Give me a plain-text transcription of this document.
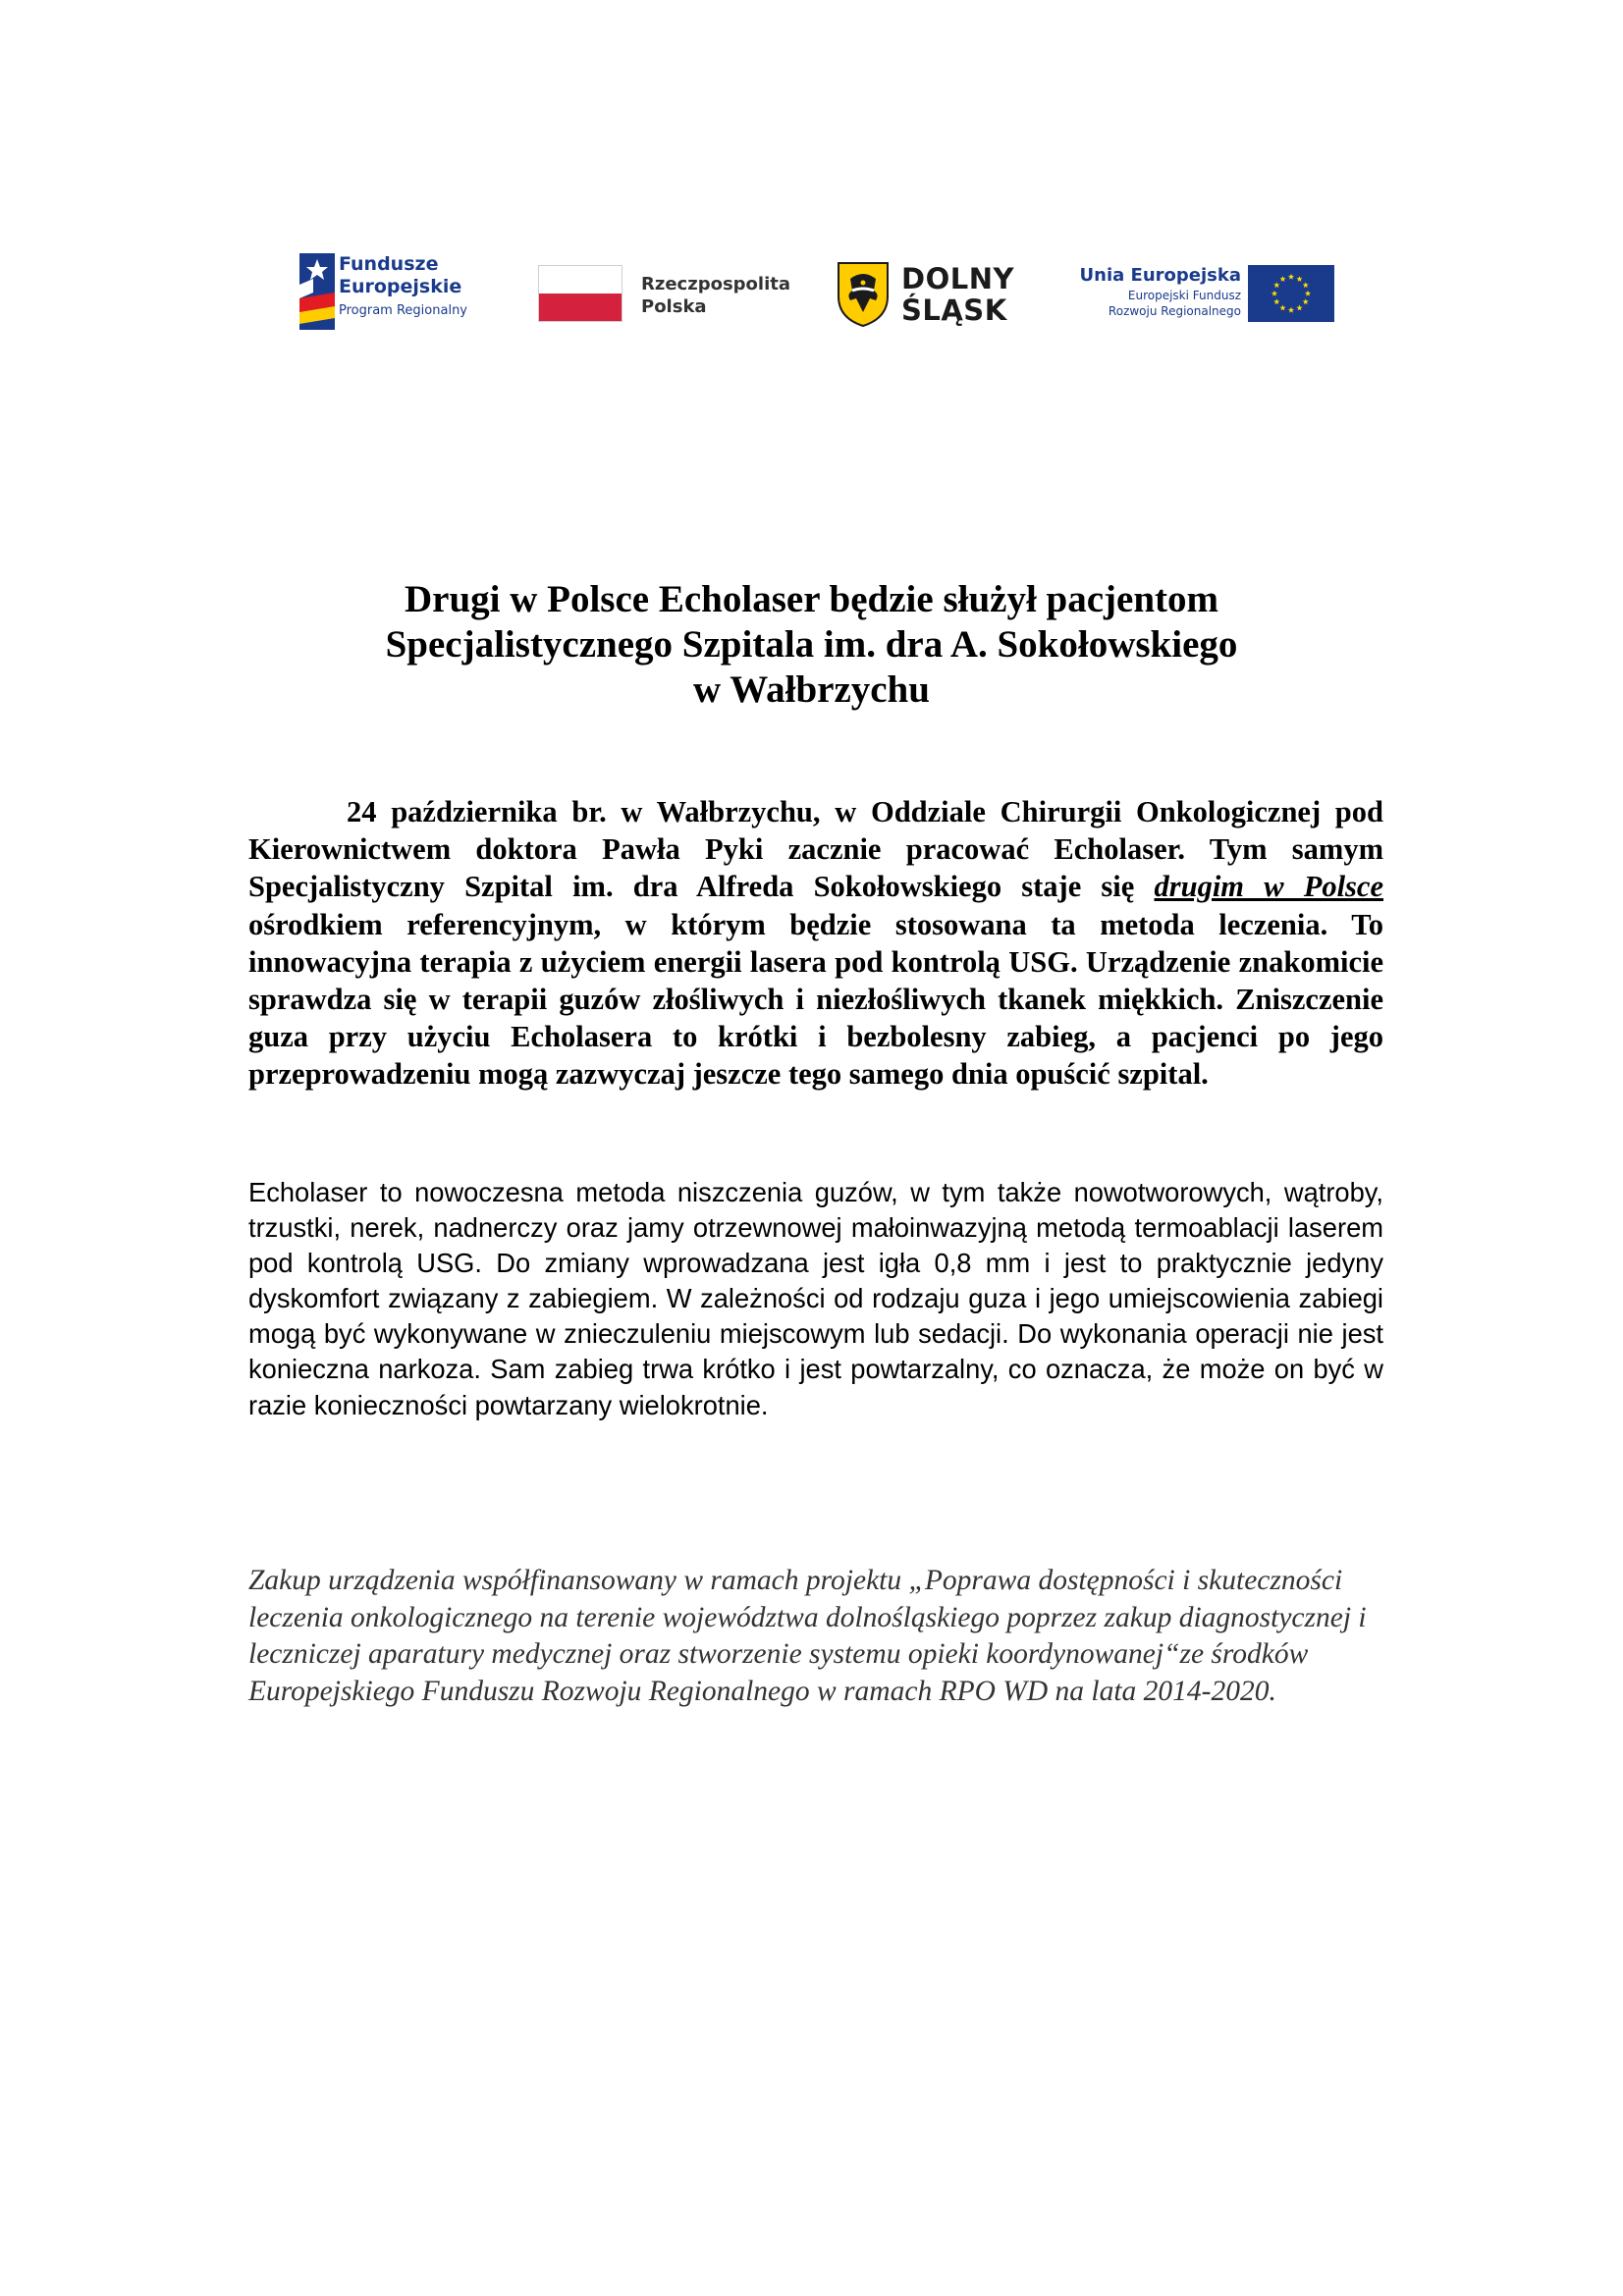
Fundusze
Europejskie
Program Regionalny
Rzeczpospolita
Polska
DOLNY
ŚLĄSK
Unia Europejska
Europejski Fundusz
Rozwoju Regionalnego
Drugi w Polsce Echolaser będzie służył pacjentom
Specjalistycznego Szpitala im. dra A. Sokołowskiego
w Wałbrzychu

24 października br. w Wałbrzychu, w Oddziale Chirurgii Onkologicznej pod Kierownictwem doktora Pawła Pyki zacznie pracować Echolaser. Tym samym Specjalistyczny Szpital im. dra Alfreda Sokołowskiego staje się drugim w Polsce ośrodkiem referencyjnym, w którym będzie stosowana ta metoda leczenia. To innowacyjna terapia z użyciem energii lasera pod kontrolą USG. Urządzenie znakomicie sprawdza się w terapii guzów złośliwych i niezłośliwych tkanek miękkich. Zniszczenie guza przy użyciu Echolasera to krótki i bezbolesny zabieg, a pacjenci po jego przeprowadzeniu mogą zazwyczaj jeszcze tego samego dnia opuścić szpital.

Echolaser to nowoczesna metoda niszczenia guzów, w tym także nowotworowych, wątroby, trzustki, nerek, nadnerczy oraz jamy otrzewnowej małoinwazyjną metodą termoablacji laserem pod kontrolą USG. Do zmiany wprowadzana jest igła 0,8 mm i jest to praktycznie jedyny dyskomfort związany z zabiegiem. W zależności od rodzaju guza i jego umiejscowienia zabiegi mogą być wykonywane w znieczuleniu miejscowym lub sedacji. Do wykonania operacji nie jest konieczna narkoza. Sam zabieg trwa krótko i jest powtarzalny, co oznacza, że może on być w razie konieczności powtarzany wielokrotnie.

Zakup urządzenia współfinansowany w ramach projektu „Poprawa dostępności i skuteczności leczenia onkologicznego na terenie województwa dolnośląskiego poprzez zakup diagnostycznej i leczniczej aparatury medycznej oraz stworzenie systemu opieki koordynowanej“ze środków Europejskiego Funduszu Rozwoju Regionalnego w ramach RPO WD na lata 2014-2020.
